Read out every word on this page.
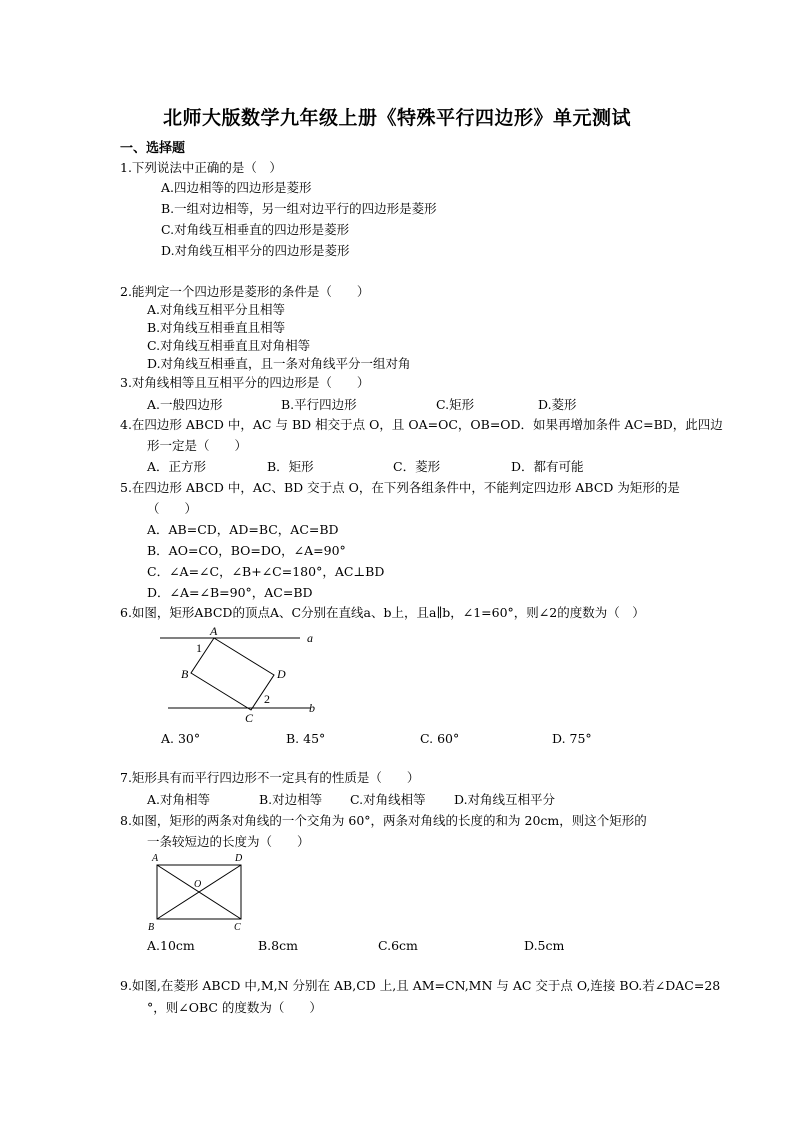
北师大版数学九年级上册《特殊平行四边形》单元测试
一、选择题
1.下列说法中正确的是（　）
A.四边相等的四边形是菱形
B.一组对边相等，另一组对边平行的四边形是菱形
C.对角线互相垂直的四边形是菱形
D.对角线互相平分的四边形是菱形
2.能判定一个四边形是菱形的条件是（　　）
A.对角线互相平分且相等
B.对角线互相垂直且相等
C.对角线互相垂直且对角相等
D.对角线互相垂直，且一条对角线平分一组对角
3.对角线相等且互相平分的四边形是（　　）
A.一般四边形	B.平行四边形	C.矩形	D.菱形
4.在四边形 ABCD 中，AC 与 BD 相交于点 O，且 OA=OC，OB=OD．如果再增加条件 AC=BD，此四边
形一定是（　　）
A．正方形	B．矩形	C．菱形	D．都有可能
5.在四边形 ABCD 中，AC、BD 交于点 O，在下列各组条件中，不能判定四边形 ABCD 为矩形的是
（　　）
A．AB=CD，AD=BC，AC=BD
B．AO=CO，BO=DO，∠A=90°
C．∠A=∠C，∠B+∠C=180°，AC⊥BD
D．∠A=∠B=90°，AC=BD
6.如图，矩形ABCD的顶点A、C分别在直线a、b上，且a∥b，∠1=60°，则∠2的度数为（　）
A
B
C
D
a
b
1
2
A. 30°	B. 45°	C. 60°	D. 75°
7.矩形具有而平行四边形不一定具有的性质是（　　）
A.对角相等	B.对边相等 C.对角线相等 D.对角线互相平分
8.如图，矩形的两条对角线的一个交角为 60°，两条对角线的长度的和为 20cm，则这个矩形的
一条较短边的长度为（　　）
A	D
B	C
O
A.10cm	B.8cm	C.6cm	D.5cm
9.如图,在菱形 ABCD 中,M,N 分别在 AB,CD 上,且 AM=CN,MN 与 AC 交于点 O,连接 BO.若∠DAC=28
°，则∠OBC 的度数为（　　）
